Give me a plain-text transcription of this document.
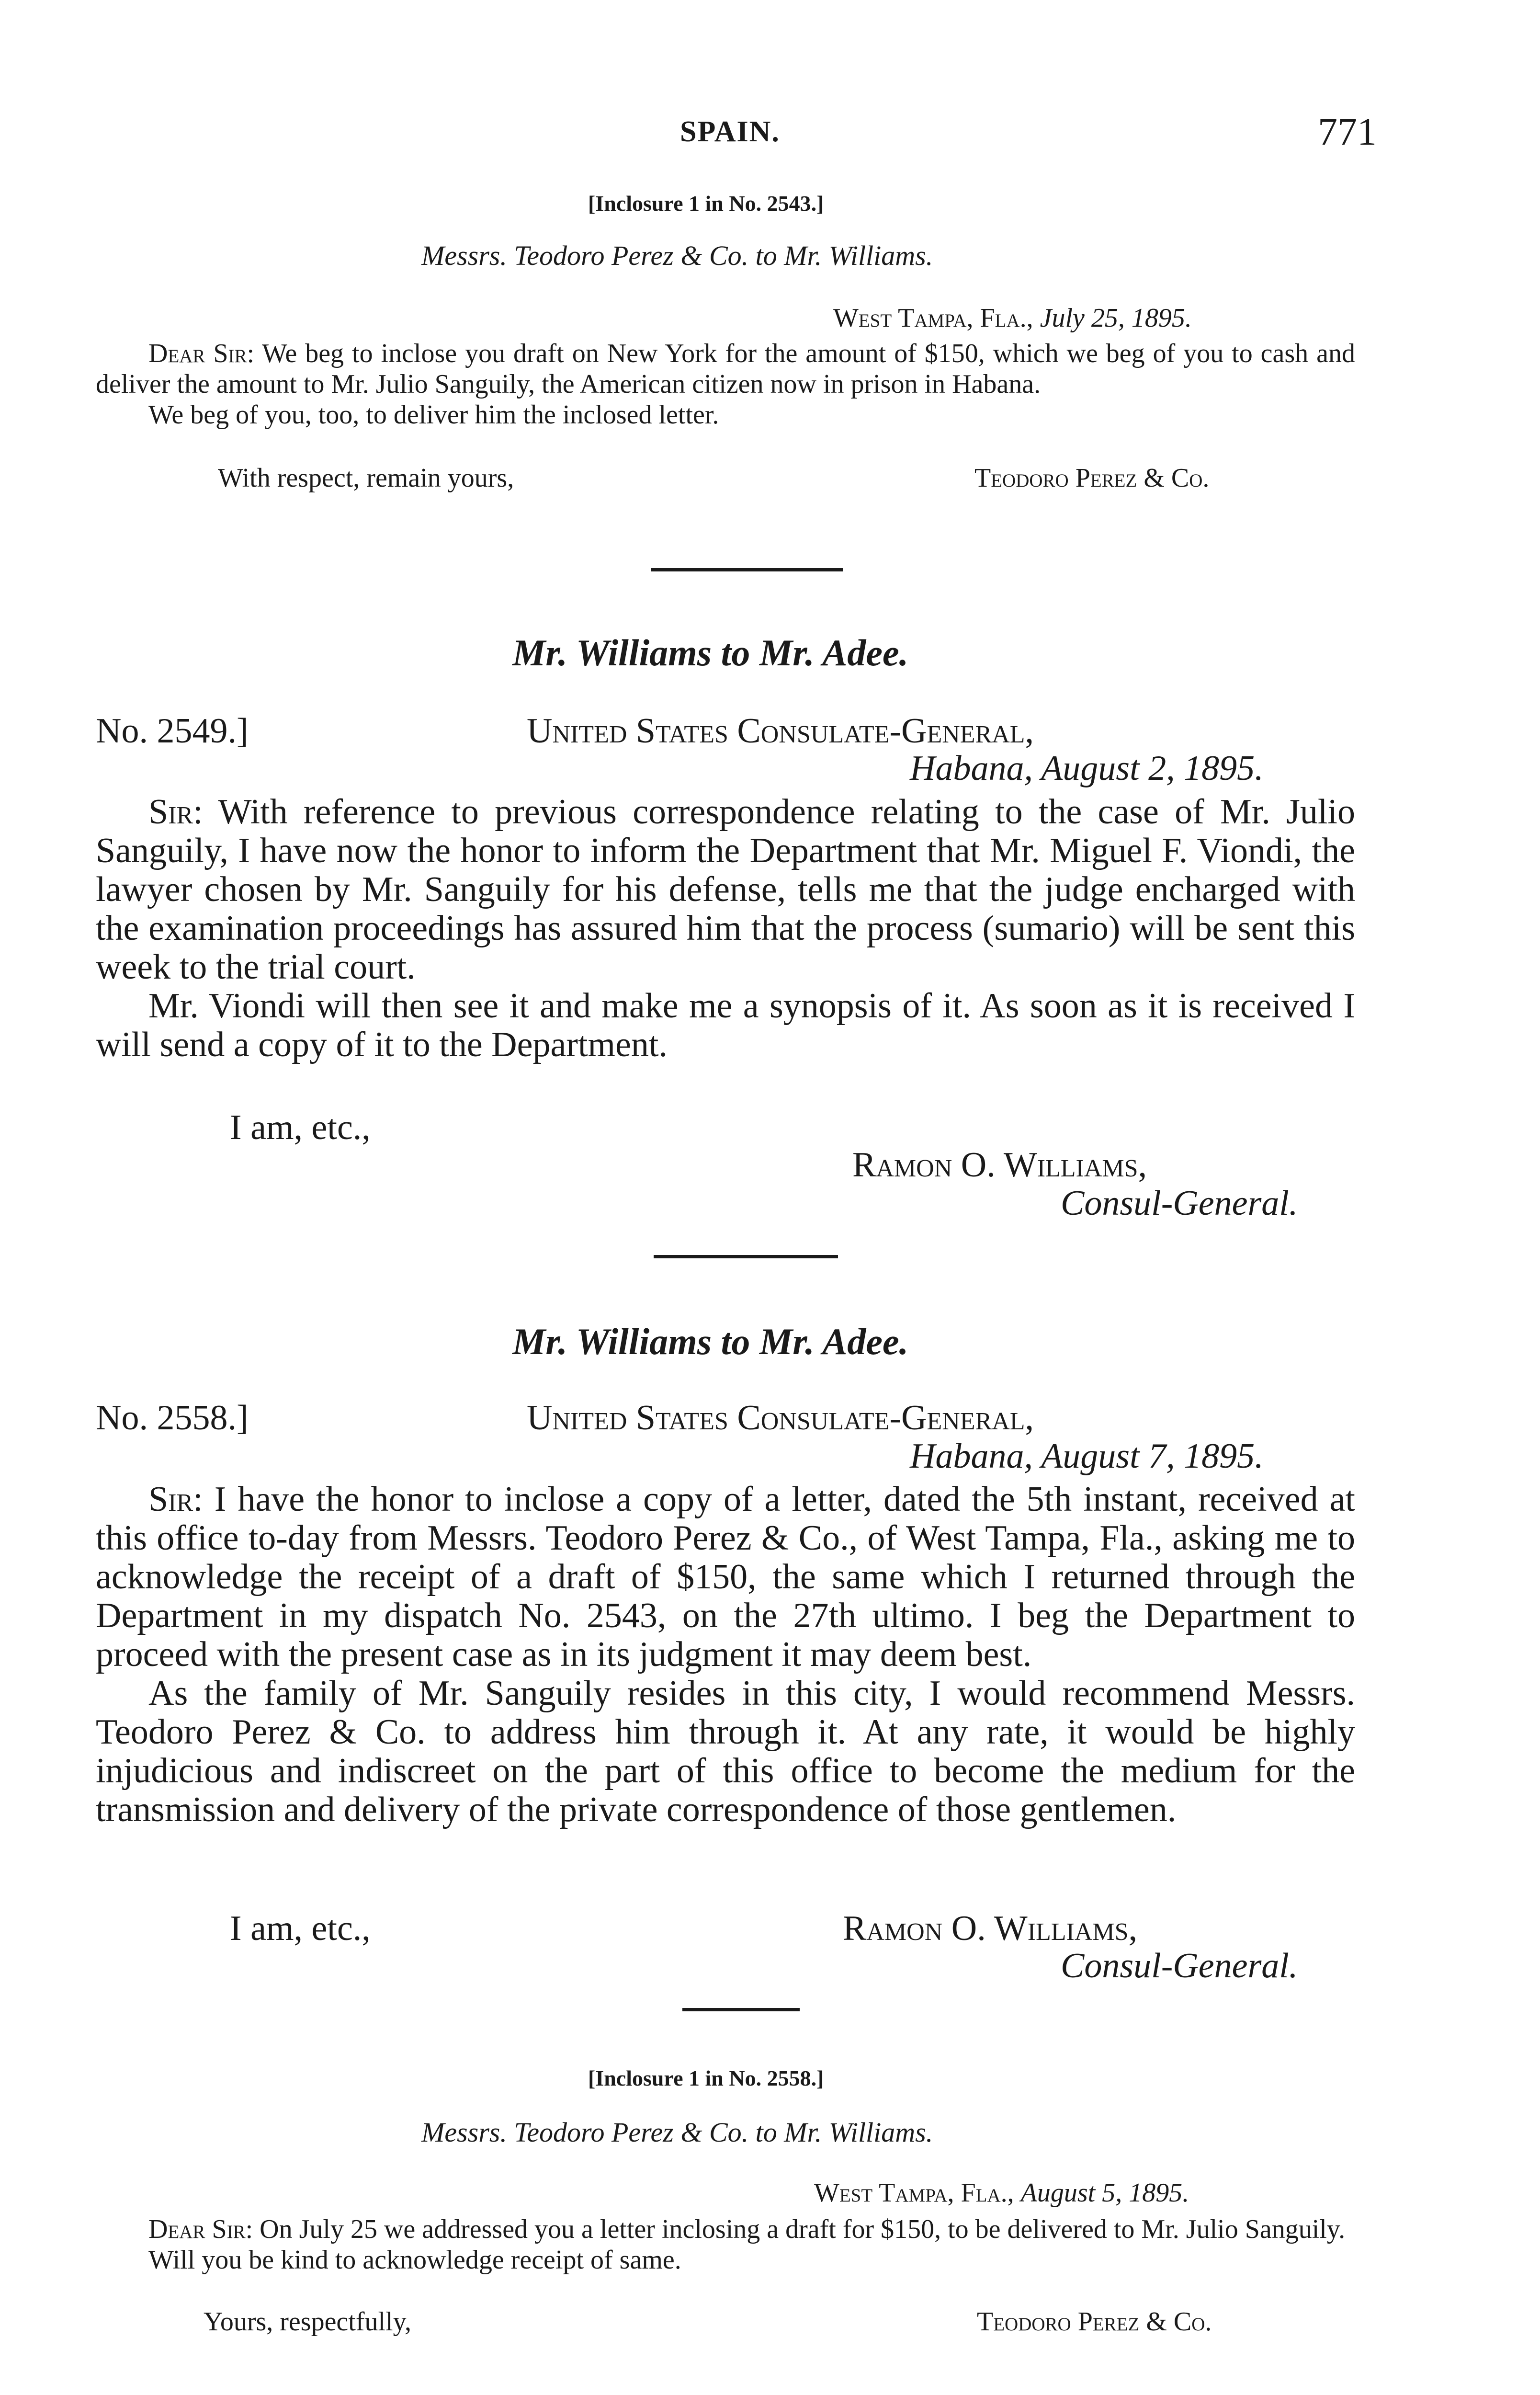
SPAIN.	771
[Inclosure 1 in No. 2543.]
Messrs. Teodoro Perez & Co. to Mr. Williams.
West Tampa, Fla., July 25, 1895.

Dear Sir: We beg to inclose you draft on New York for the amount of $150, which we beg of you to cash and deliver the amount to Mr. Julio Sanguily, the American citizen now in prison in Habana.

We beg of you, too, to deliver him the inclosed letter.

With respect, remain yours,	Teodoro Perez & Co.
Mr. Williams to Mr. Adee.
No. 2549.]	United States Consulate-General,
Habana, August 2, 1895.

Sir: With reference to previous correspondence relating to the case of Mr. Julio Sanguily, I have now the honor to inform the Department that Mr. Miguel F. Viondi, the lawyer chosen by Mr. Sanguily for his defense, tells me that the judge encharged with the examination proceedings has assured him that the process (sumario) will be sent this week to the trial court.

Mr. Viondi will then see it and make me a synopsis of it. As soon as it is received I will send a copy of it to the Department.

I am, etc.,
Ramon O. Williams,
Consul-General.
Mr. Williams to Mr. Adee.
No. 2558.]	United States Consulate-General,
Habana, August 7, 1895.

Sir: I have the honor to inclose a copy of a letter, dated the 5th instant, received at this office to-day from Messrs. Teodoro Perez & Co., of West Tampa, Fla., asking me to acknowledge the receipt of a draft of $150, the same which I returned through the Department in my dispatch No. 2543, on the 27th ultimo. I beg the Department to proceed with the present case as in its judgment it may deem best.

As the family of Mr. Sanguily resides in this city, I would recommend Messrs. Teodoro Perez & Co. to address him through it. At any rate, it would be highly injudicious and indiscreet on the part of this office to become the medium for the transmission and delivery of the private correspondence of those gentlemen.

I am, etc.,	Ramon O. Williams,
Consul-General.
[Inclosure 1 in No. 2558.]
Messrs. Teodoro Perez & Co. to Mr. Williams.
West Tampa, Fla., August 5, 1895.

Dear Sir: On July 25 we addressed you a letter inclosing a draft for $150, to be delivered to Mr. Julio Sanguily.

Will you be kind to acknowledge receipt of same.

Yours, respectfully,	Teodoro Perez & Co.
